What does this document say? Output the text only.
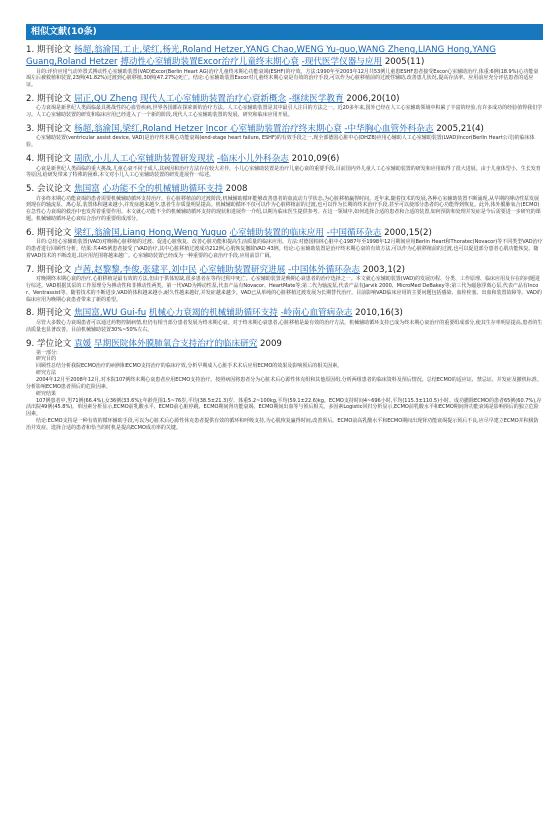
相似文献(10条)
1. 期刊论文 杨超,翁渝国,工止,梁红,杨光,Roland Hetzer,YANG Chao,WENG Yu-guo,WANG Zheng,LIANG Hong,YANG Guang,Roland Hetzer 搏动性心室辅助装置Excor治疗儿童终末期心衰 -现代医学仪器与应用 2005(11)
目的:评价应用气动外置式搏动性心室辅助装置(VAD)Excor(Berlin Heart AG)治疗儿童终末期心功能衰竭(ESHF)的疗效。方法:1990年至2003年12月共53例儿童患ESHF患者接受Excor心室辅助治疗,体重:6例(18.9%)心功能衰竭左后被救植和装置,23例(41.82%)过渡到心脏移植,30例(47.27%)死亡。结论:心室辅助装置Excor对儿童终末期心衰是有效的治疗手段,可以作为心脏移植前的过渡性辅助,改善患儿状况,提高存活率。应用前应充分评估患者的适应证。
2. 期刊论文 屈正,QU Zheng 现代人工心室辅助装置治疗心衰新概念 -继续医学教育 2006,20(10)
心力衰竭是新世纪人类面临最具挑战性的心血管疾病,世界各国都在探索新的治疗方法。人工心室辅助装置是其中最引人注目的方法之一。近20多年来,国外已经在人工心室辅助领域中积累了丰富的经验,有许多成功的经验值得我们学习。人工心室辅助装置的研发和临床应用已经进入了一个新的阶段,现代人工心室辅助装置的发展、研究和临床应用开展。
3. 期刊论文 杨超,翁渝国,梁红,Roland Hetzer Incor 心室辅助装置治疗终末期心衰 -中华胸心血管外科杂志 2005,21(4)
心室辅助装置(ventricular assist device, VAD)是治疗终末期心功能衰竭(end-stage heart failure, ESHF)的有效手段之一,现全部德国心脏中心(DHZB)应用心辅助人工心室辅助装置(LVAD)Incor(Berlin Heart公司)的临床体验。
4. 期刊论文 周欣,小儿人工心室辅助装置研发现状 -临床小儿外科杂志 2010,09(6)
心衰是新世纪人类面临的重大挑战,儿童心衰不同于成人,其病因和治疗方法存在较大差异。小儿心室辅助装置是治疗儿童心衰的重要手段,目前国内外儿童人工心室辅助装置的研发和应用取得了很大进展。由于儿童体型小、生长发育等原因,给研发带来了特殊的困难,本文对小儿人工心室辅助装置的研发进展作一综述。
5. 会议论文 焦国富 心功能不全的机械辅助循环支持 2008
许多终末期心功能衰竭的患者需要机械辅助循环支持治疗。在心脏移植前的过渡阶段,机械辅助循环能够改善患者的血流动力学状态,为心脏移植赢得时间。近年来,随着技术的发展,各种心室辅助装置不断涌现,从早期的搏动性泵发展到现在的轴流泵、离心泵,装置体积越来越小,并发症越来越少,患者生存质量明显提高。机械辅助循环不仅可以作为心脏移植前的过渡,也可以作为长期的终末治疗手段,甚至可以使部分患者的心功能得到恢复。此外,体外膜肺氧合(ECMO)在急性心力衰竭的救治中也发挥着重要作用。本文就心功能不全的机械辅助循环支持的现状和进展作一介绍,以期为临床医生提供参考。在这一领域中,如何选择合适的患者和合适的装置,如何预防和处理并发症是今后需要进一步研究的课题。机械辅助循环是心衰综合治疗的重要组成部分。
6. 期刊论文 梁红,翁渝国,Liang Hong,Weng Yuguo 心室辅助装置的临床应用 -中国循环杂志 2000,15(2)
目的:总结心室辅助装置(VAD)对晚期心脏移植的过渡、促进心脏恢复、改善心脏功能和提高生活质量的临床应用。方法:对德国柏林心脏中心1987年至1998年12月期间应用Berlin Heart和Thoratec(Novacor)等不同类型VAD治疗的患者进行回顾性分析。结果:共445例患者接受了VAD治疗,其中心脏移植过渡成功212例,心肌恢复撤除VAD 43例。结论:心室辅助装置是治疗终末期心衰的有效方法,可以作为心脏移植前的过渡,也可以促进部分患者心肌功能恢复。随着VAD技术的不断改进,其应用范围将越来越广。心室辅助装置已经成为一种重要的心衰治疗手段,应用前景广阔。
7. 期刊论文 卢茜,赵黎黎,李俊,张建平,刘中民 心室辅助装置研究进展 -中国体外循环杂志 2003,1(2)
对晚期终末期心衰的治疗,心脏移植是最有效的方法,但由于供体短缺,很多患者在等待过程中死亡。心室辅助装置是晚期心衰患者的治疗选择之一。本文就心室辅助装置(VAD)的发展历程、分类、工作原理、临床应用及存在的问题进行综述。VAD根据其泵的工作原理分为搏动性和非搏动性两类。第一代VAD为搏动性泵,代表产品有Novacor、HeartMate等;第二代为轴流泵,代表产品有Jarvik 2000、MicroMed DeBakey等;第三代为磁悬浮离心泵,代表产品有Incor、Ventrassist等。随着技术的不断进步,VAD的体积越来越小,耐久性越来越好,并发症越来越少。VAD已从单纯的心脏移植过渡发展为长期替代治疗。目前影响VAD临床应用的主要问题包括感染、血栓栓塞、出血和装置故障等。VAD的临床应用为晚期心衰患者带来了新的希望。
8. 期刊论文 焦国富,WU Gui-fu 机械心力衰竭的机械辅助循环支持 -岭南心血管病杂志 2010,16(3)
尽管大多数心力衰竭患者可以通过药物控制病情,但仍有相当部分患者发展为终末期心衰。对于终末期心衰患者,心脏移植是最有效的治疗方法。机械辅助循环支持已成为终末期心衰治疗的重要组成部分,使其生存率明显提高,患者的生活质量也显著改善。目前机械辅助装置30%~50%左右。
9. 学位论文 袁媛 早期医院体外膜肺氧合支持治疗的临床研究 2009
第一部分:
研究目的
回顾性总结分析我院ECMO治疗的病例和ECMO支持治疗的临床疗效,分析早期成人心脏手术术后应用ECMO的效果及影响预后的相关因素。
研究方法
2004年12月至2008年12月,对本院107例终末期心衰患者应用ECMO支持治疗。按照病因将患者分为心脏术后心源性休克组和其他原因组,分析两组患者的临床资料及预后情况。总结ECMO的适应证、禁忌证、并发症及撤机标准。分析影响ECMO患者预后的危险因素。
研究结果
107例患者中,男71例(66.4%),女36例(33.6%);年龄范围1.5~76岁,平均(38.5±21.3)岁。体重5.2~100kg,平均(59.1±22.6)kg。ECMO支持时间4~696小时,平均(115.3±110.5)小时。成功撤除ECMO的患者65例(60.7%),存活出院49例(45.8%)。单因素分析显示,ECMO前乳酸水平、ECMO前心脏停跳、ECMO期间肾功能衰竭、ECMO期间出血等与预后相关。多因素Logistic回归分析显示,ECMO前乳酸水平和ECMO期间肾功能衰竭是影响预后的独立危险因素。
结论:ECMO支持是一种有效的循环辅助手段,可以为心脏术后心源性休克患者提供有效的循环和呼吸支持,为心肌恢复赢得时间,改善预后。ECMO前高乳酸水平和ECMO期间出现肾功能衰竭提示预后不良,应尽早建立ECMO并积极防治并发症。选择合适的患者和恰当的时机是提高ECMO成功率的关键。
